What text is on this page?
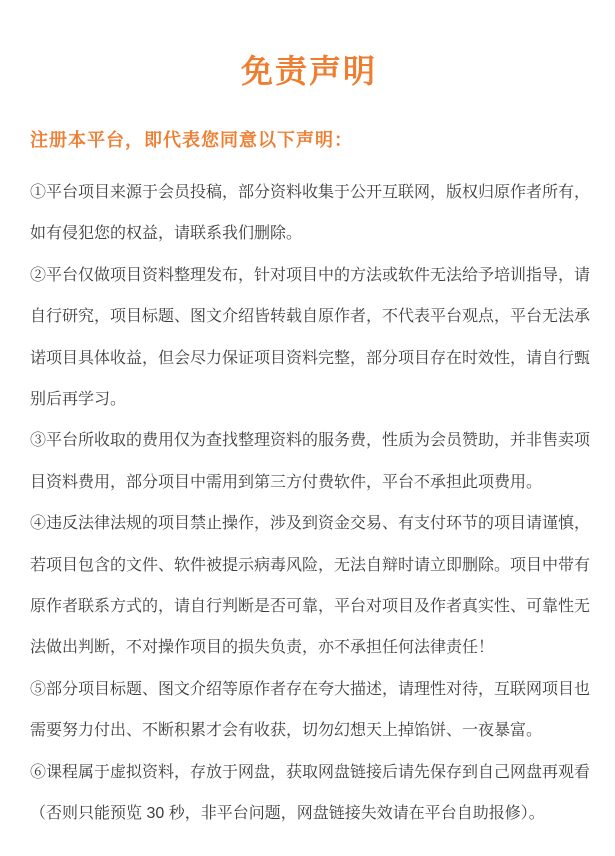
免责声明

注册本平台，即代表您同意以下声明：

①平台项目来源于会员投稿，部分资料收集于公开互联网，版权归原作者所有，
如有侵犯您的权益，请联系我们删除。

②平台仅做项目资料整理发布，针对项目中的方法或软件无法给予培训指导，请
自行研究，项目标题、图文介绍皆转载自原作者，不代表平台观点，平台无法承
诺项目具体收益，但会尽力保证项目资料完整，部分项目存在时效性，请自行甄
别后再学习。

③平台所收取的费用仅为查找整理资料的服务费，性质为会员赞助，并非售卖项
目资料费用，部分项目中需用到第三方付费软件，平台不承担此项费用。

④违反法律法规的项目禁止操作，涉及到资金交易、有支付环节的项目请谨慎，
若项目包含的文件、软件被提示病毒风险，无法自辩时请立即删除。项目中带有
原作者联系方式的，请自行判断是否可靠，平台对项目及作者真实性、可靠性无
法做出判断，不对操作项目的损失负责，亦不承担任何法律责任！

⑤部分项目标题、图文介绍等原作者存在夸大描述，请理性对待，互联网项目也
需要努力付出、不断积累才会有收获，切勿幻想天上掉馅饼、一夜暴富。

⑥课程属于虚拟资料，存放于网盘，获取网盘链接后请先保存到自己网盘再观看
（否则只能预览 30 秒，非平台问题，网盘链接失效请在平台自助报修）。
